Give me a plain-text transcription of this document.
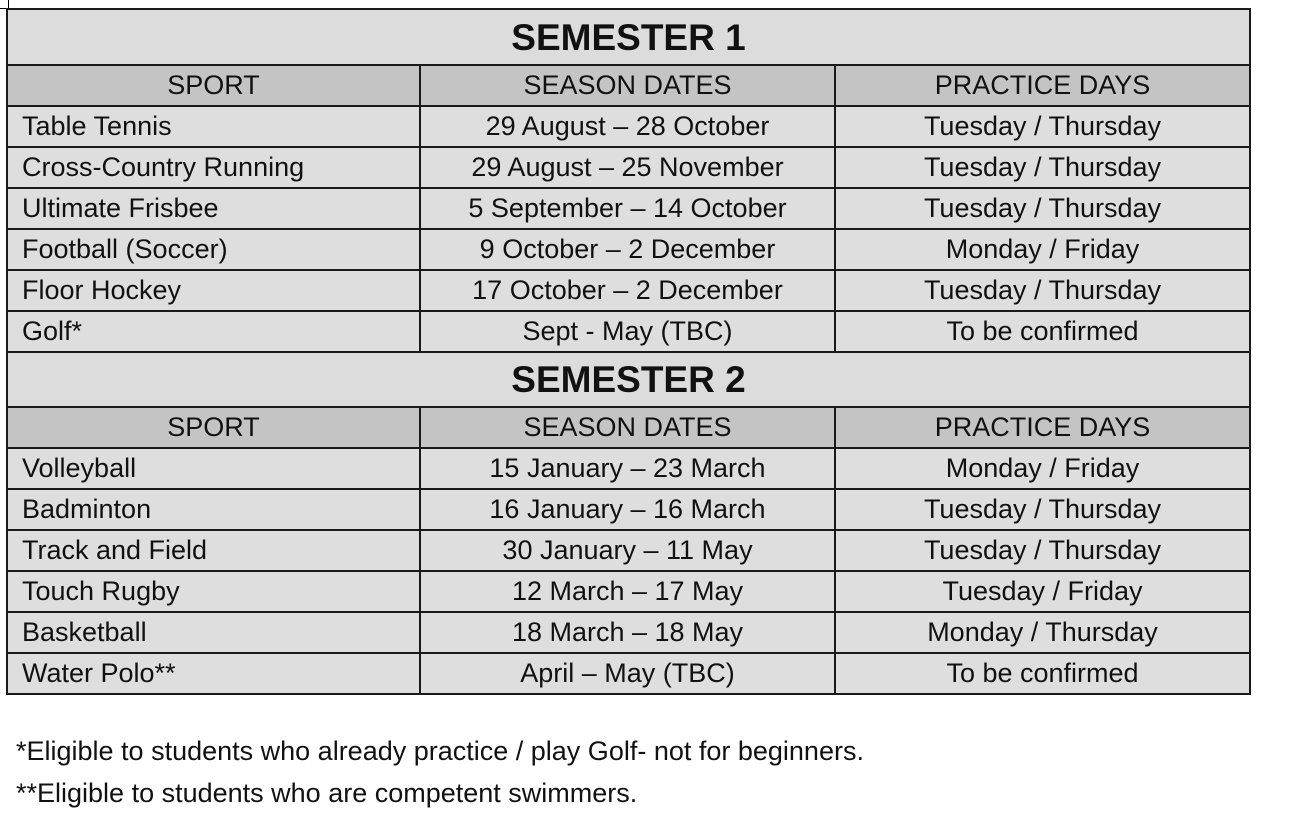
SEMESTER 1		
SPORT	SEASON DATES	PRACTICE DAYS
Table Tennis	29 August – 28 October	Tuesday / Thursday
Cross-Country Running	29 August – 25 November	Tuesday / Thursday
Ultimate Frisbee	5 September – 14 October	Tuesday / Thursday
Football (Soccer)	9 October – 2 December	Monday / Friday
Floor Hockey	17 October – 2 December	Tuesday / Thursday
Golf*	Sept - May (TBC)	To be confirmed
SEMESTER 2		
SPORT	SEASON DATES	PRACTICE DAYS
Volleyball	15 January – 23 March	Monday / Friday
Badminton	16 January – 16 March	Tuesday / Thursday
Track and Field	30 January – 11 May	Tuesday / Thursday
Touch Rugby	12 March – 17 May	Tuesday / Friday
Basketball	18 March – 18 May	Monday / Thursday
Water Polo**	April – May (TBC)	To be confirmed
*Eligible to students who already practice / play Golf- not for beginners.
**Eligible to students who are competent swimmers.
